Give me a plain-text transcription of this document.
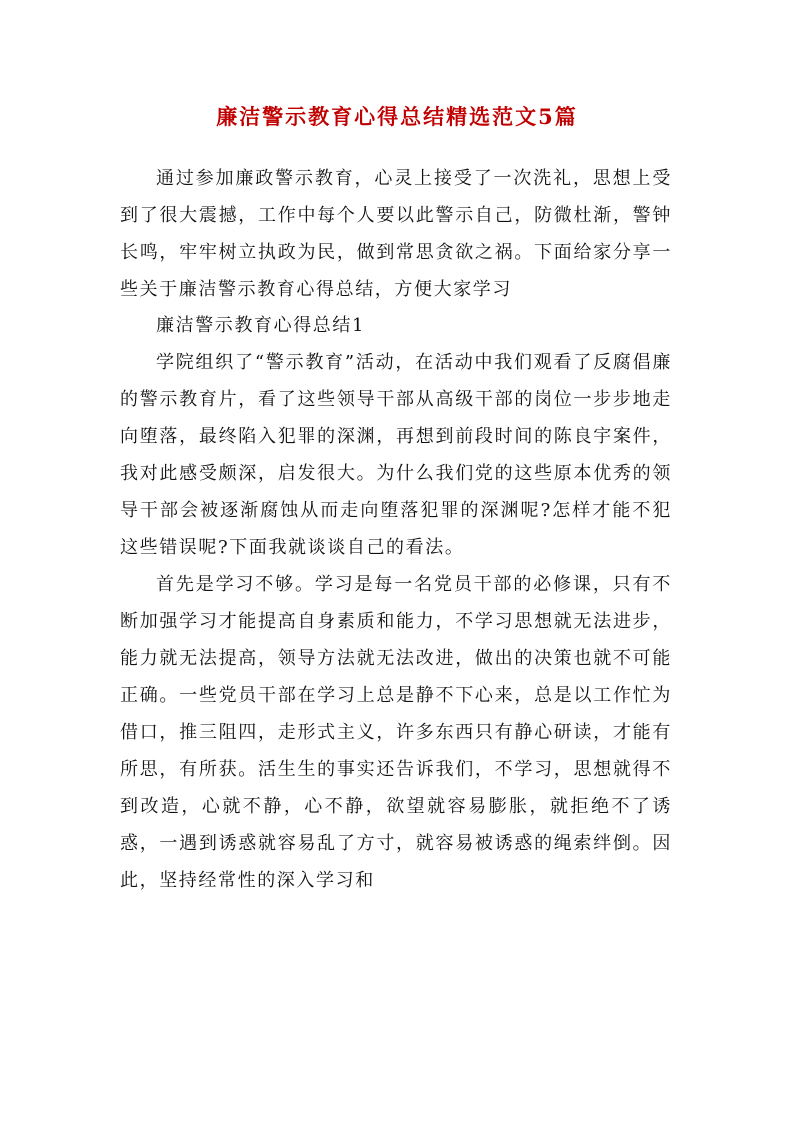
廉洁警示教育心得总结精选范文5篇

通过参加廉政警示教育，心灵上接受了一次洗礼，思想上受到了很大震撼，工作中每个人要以此警示自己，防微杜渐，警钟长鸣，牢牢树立执政为民，做到常思贪欲之祸。下面给家分享一些关于廉洁警示教育心得总结，方便大家学习

廉洁警示教育心得总结1

学院组织了“警示教育”活动，在活动中我们观看了反腐倡廉的警示教育片，看了这些领导干部从高级干部的岗位一步步地走向堕落，最终陷入犯罪的深渊，再想到前段时间的陈良宇案件，我对此感受颇深，启发很大。为什么我们党的这些原本优秀的领导干部会被逐渐腐蚀从而走向堕落犯罪的深渊呢?怎样才能不犯这些错误呢?下面我就谈谈自己的看法。

首先是学习不够。学习是每一名党员干部的必修课，只有不断加强学习才能提高自身素质和能力，不学习思想就无法进步，能力就无法提高，领导方法就无法改进，做出的决策也就不可能正确。一些党员干部在学习上总是静不下心来，总是以工作忙为借口，推三阻四，走形式主义，许多东西只有静心研读，才能有所思，有所获。活生生的事实还告诉我们，不学习，思想就得不到改造，心就不静，心不静，欲望就容易膨胀，就拒绝不了诱惑，一遇到诱惑就容易乱了方寸，就容易被诱惑的绳索绊倒。因此，坚持经常性的深入学习和
